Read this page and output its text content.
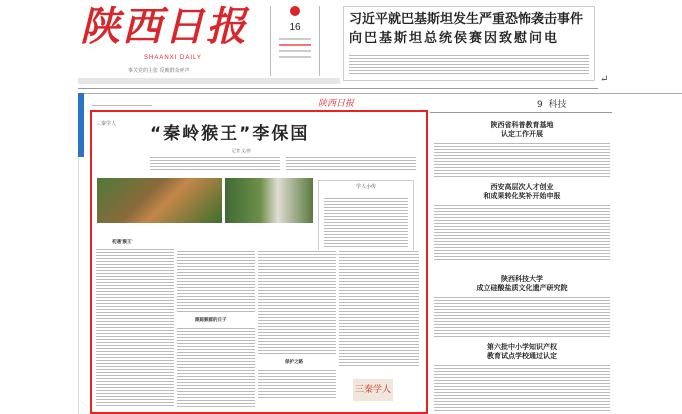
陕西日报
SHAANXI DAILY
事关党的主张 反映群众呼声
16
习近平就巴基斯坦发生严重恐怖袭击事件
向巴基斯坦总统侯赛因致慰问电
↵
陕西日报	9 科技
三秦学人 “秦岭猴王”李保国
记者 文/图
学人小传
初遇'猴王'
跟踪猴群的日子
保护之路
三秦学人
陕西省科普教育基地
认定工作开展
西安高层次人才创业
和成果转化奖补开始申报
陕西科技大学
成立硅酸盐质文化遗产研究院
第六批中小学知识产权
教育试点学校通过认定
